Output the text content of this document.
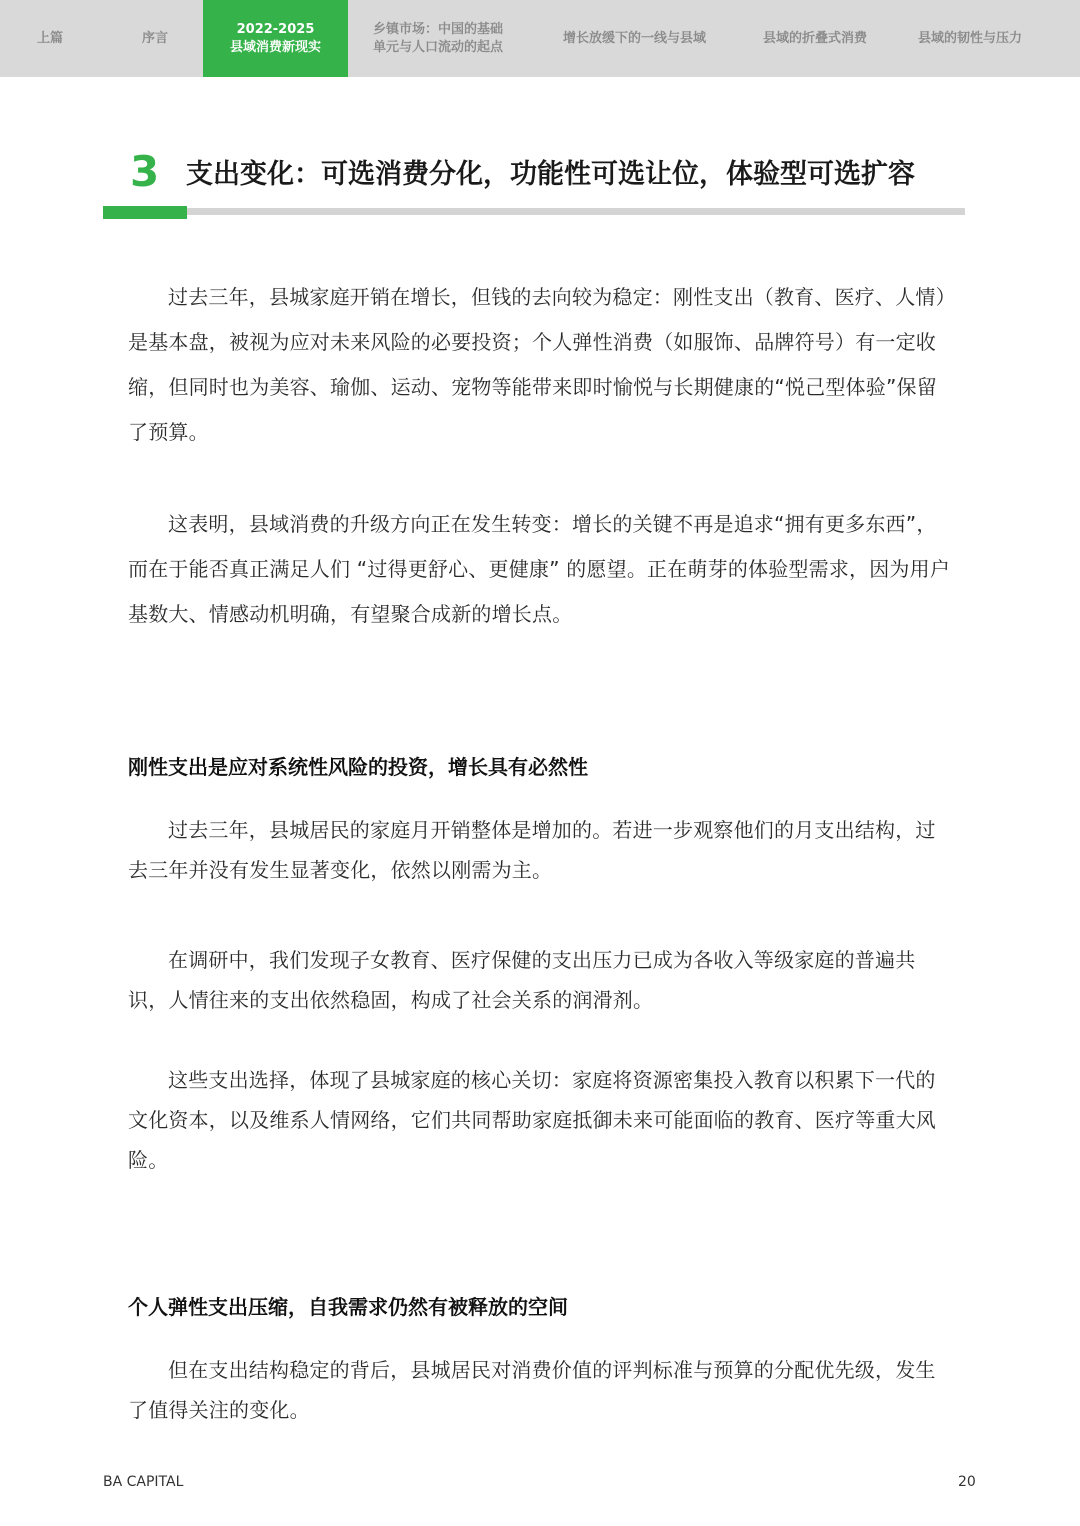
上篇	序言
2022-2025
县域消费新现实
乡镇市场：中国的基础
单元与人口流动的起点
增长放缓下的一线与县域	县域的折叠式消费	县域的韧性与压力
3 支出变化：可选消费分化，功能性可选让位，体验型可选扩容

过去三年，县城家庭开销在增长，但钱的去向较为稳定：刚性支出（教育、医疗、人情）是基本盘，被视为应对未来风险的必要投资；个人弹性消费（如服饰、品牌符号）有一定收缩，但同时也为美容、瑜伽、运动、宠物等能带来即时愉悦与长期健康的“悦己型体验”保留了预算。

这表明，县域消费的升级方向正在发生转变：增长的关键不再是追求“拥有更多东西”，而在于能否真正满足人们 “过得更舒心、更健康” 的愿望。正在萌芽的体验型需求，因为用户基数大、情感动机明确，有望聚合成新的增长点。

刚性支出是应对系统性风险的投资，增长具有必然性

过去三年，县城居民的家庭月开销整体是增加的。若进一步观察他们的月支出结构，过去三年并没有发生显著变化，依然以刚需为主。

在调研中，我们发现子女教育、医疗保健的支出压力已成为各收入等级家庭的普遍共识，人情往来的支出依然稳固，构成了社会关系的润滑剂。

这些支出选择，体现了县城家庭的核心关切：家庭将资源密集投入教育以积累下一代的文化资本，以及维系人情网络，它们共同帮助家庭抵御未来可能面临的教育、医疗等重大风险。

个人弹性支出压缩，自我需求仍然有被释放的空间

但在支出结构稳定的背后，县城居民对消费价值的评判标准与预算的分配优先级，发生了值得关注的变化。

BA CAPITAL	20
